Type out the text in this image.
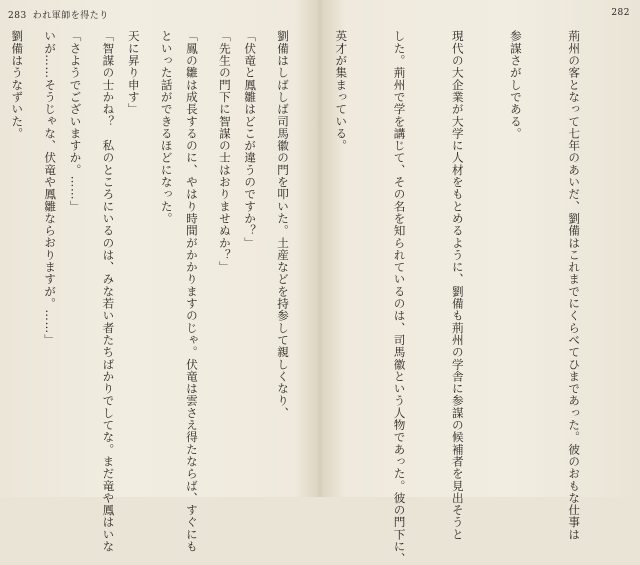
283 われ軍師を得たり

「伏竜と鳳雛はどこが違うのですか？」

「鳳の雛は成長するのに、やはり時間がかかりますのじゃ。伏竜は雲さえ得たならば、すぐにも

天に昇り申す」

「さようでございますか。……」

劉備はうなずいた。

282

荊州の客となって七年のあいだ、劉備はこれまでにくらべてひまであった。彼のおもな仕事は

参謀さがしである。

現代の大企業が大学に人材をもとめるように、劉備も荊州の学舎に参謀の候補者を見出そうと

した。荊州で学を講じて、その名を知られているのは、司馬徽という人物であった。彼の門下に、

英才が集まっている。

劉備はしばしば司馬徽の門を叩いた。土産などを持参して親しくなり、

「先生の門下に智謀の士はおりませぬか？」

といった話ができるほどになった。

「智謀の士かね？　私のところにいるのは、みな若い者たちばかりでしてな。まだ竜や鳳はいな

いが……そうじゃな、伏竜や鳳雛ならおりますが。……」
